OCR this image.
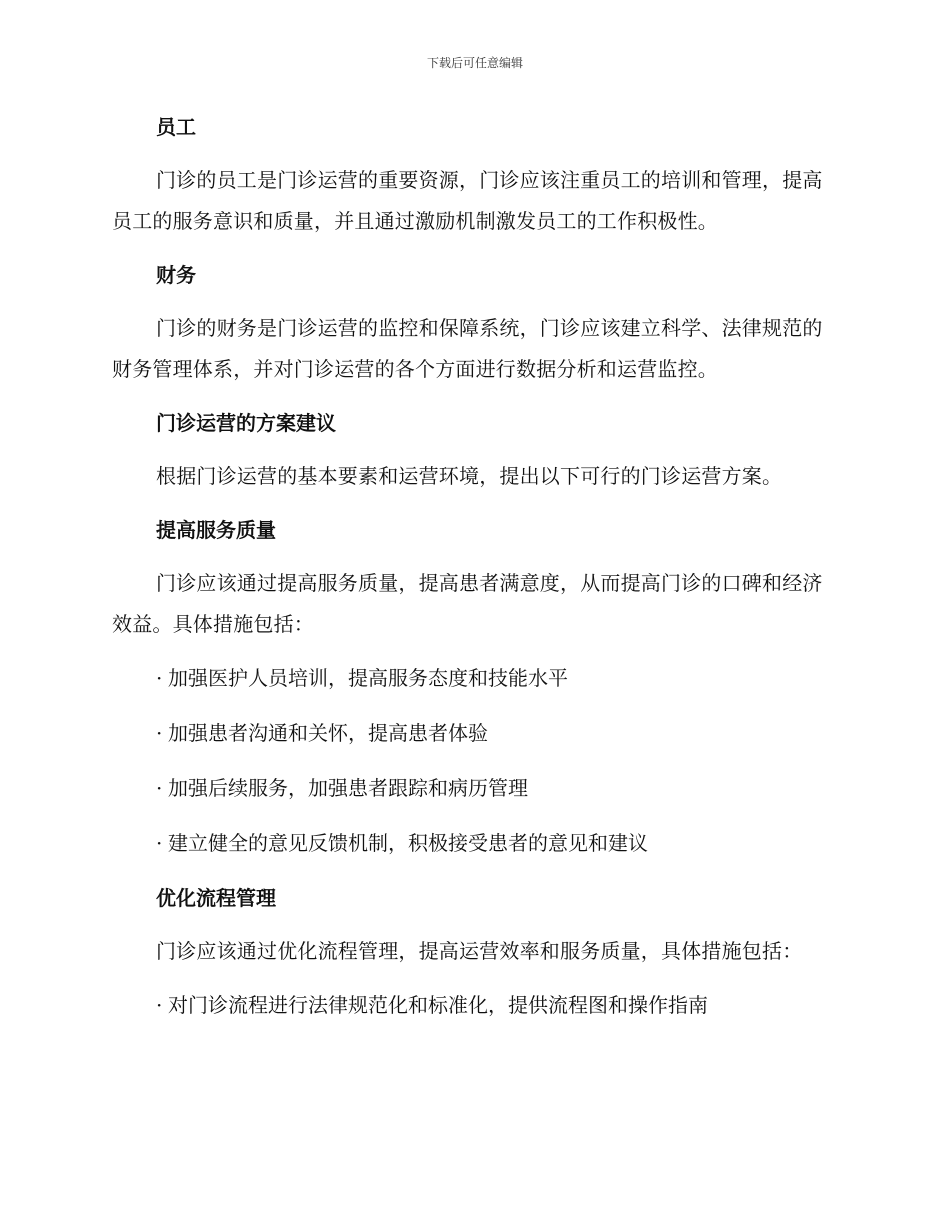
下载后可任意编辑
员工

门诊的员工是门诊运营的重要资源，门诊应该注重员工的培训和管理，提高员工的服务意识和质量，并且通过激励机制激发员工的工作积极性。

财务

门诊的财务是门诊运营的监控和保障系统，门诊应该建立科学、法律规范的财务管理体系，并对门诊运营的各个方面进行数据分析和运营监控。

门诊运营的方案建议

根据门诊运营的基本要素和运营环境，提出以下可行的门诊运营方案。

提高服务质量

门诊应该通过提高服务质量，提高患者满意度，从而提高门诊的口碑和经济效益。具体措施包括：

· 加强医护人员培训，提高服务态度和技能水平
· 加强患者沟通和关怀，提高患者体验
· 加强后续服务，加强患者跟踪和病历管理
· 建立健全的意见反馈机制，积极接受患者的意见和建议
优化流程管理

门诊应该通过优化流程管理，提高运营效率和服务质量，具体措施包括：

· 对门诊流程进行法律规范化和标准化，提供流程图和操作指南
